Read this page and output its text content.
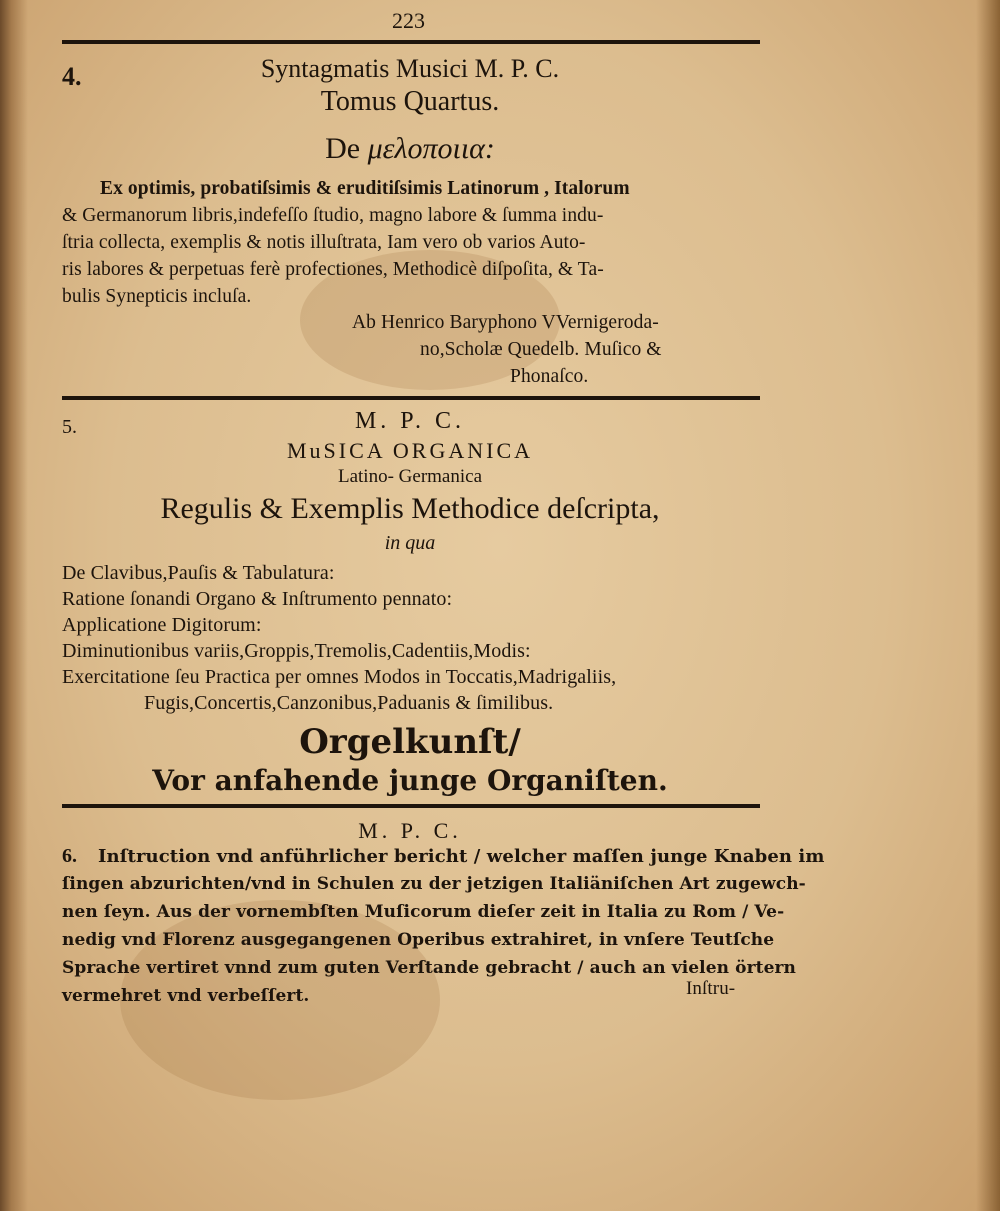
223
4.	Syntagmatis Musici M. P. C.
Tomus Quartus.
De μελοποιια:
Ex optimis, probatiſsimis & eruditiſsimis Latinorum , Italorum
& Germanorum libris,indefeſſo ſtudio, magno labore & ſumma indu-
ſtria collecta, exemplis & notis illuſtrata, Iam vero ob varios Auto-
ris labores & perpetuas ferè profectiones, Methodicè diſpoſita, & Ta-
bulis Synepticis incluſa.
Ab Henrico Baryphono VVernigeroda-
no,Scholæ Quedelb. Muſico &
Phonaſco.
5.	M. P. C.
MuSICA ORGANICA
Latino- Germanica
Regulis & Exemplis Methodice deſcripta,
in qua
De Clavibus,Pauſis & Tabulatura:
Ratione ſonandi Organo & Inſtrumento pennato:
Applicatione Digitorum:
Diminutionibus variis,Groppis,Tremolis,Cadentiis,Modis:
Exercitatione ſeu Practica per omnes Modos in Toccatis,Madrigaliis,
Fugis,Concertis,Canzonibus,Paduanis & ſimilibus.
Orgelkunſt/
Vor anfahende junge Organiſten.
M. P. C.
6. Inſtruction vnd anführlicher bericht / welcher maſſen junge Knaben im
ſingen abzurichten/vnd in Schulen zu der jetzigen Italiäniſchen Art zugewch-
nen ſeyn. Aus der vornembſten Muſicorum dieſer zeit in Italia zu Rom / Ve-
nedig vnd Florenz ausgegangenen Operibus extrahiret, in vnſere Teutſche
Sprache vertiret vnnd zum guten Verſtande gebracht / auch an vielen örtern
vermehret vnd verbeſſert.	Inſtru-
